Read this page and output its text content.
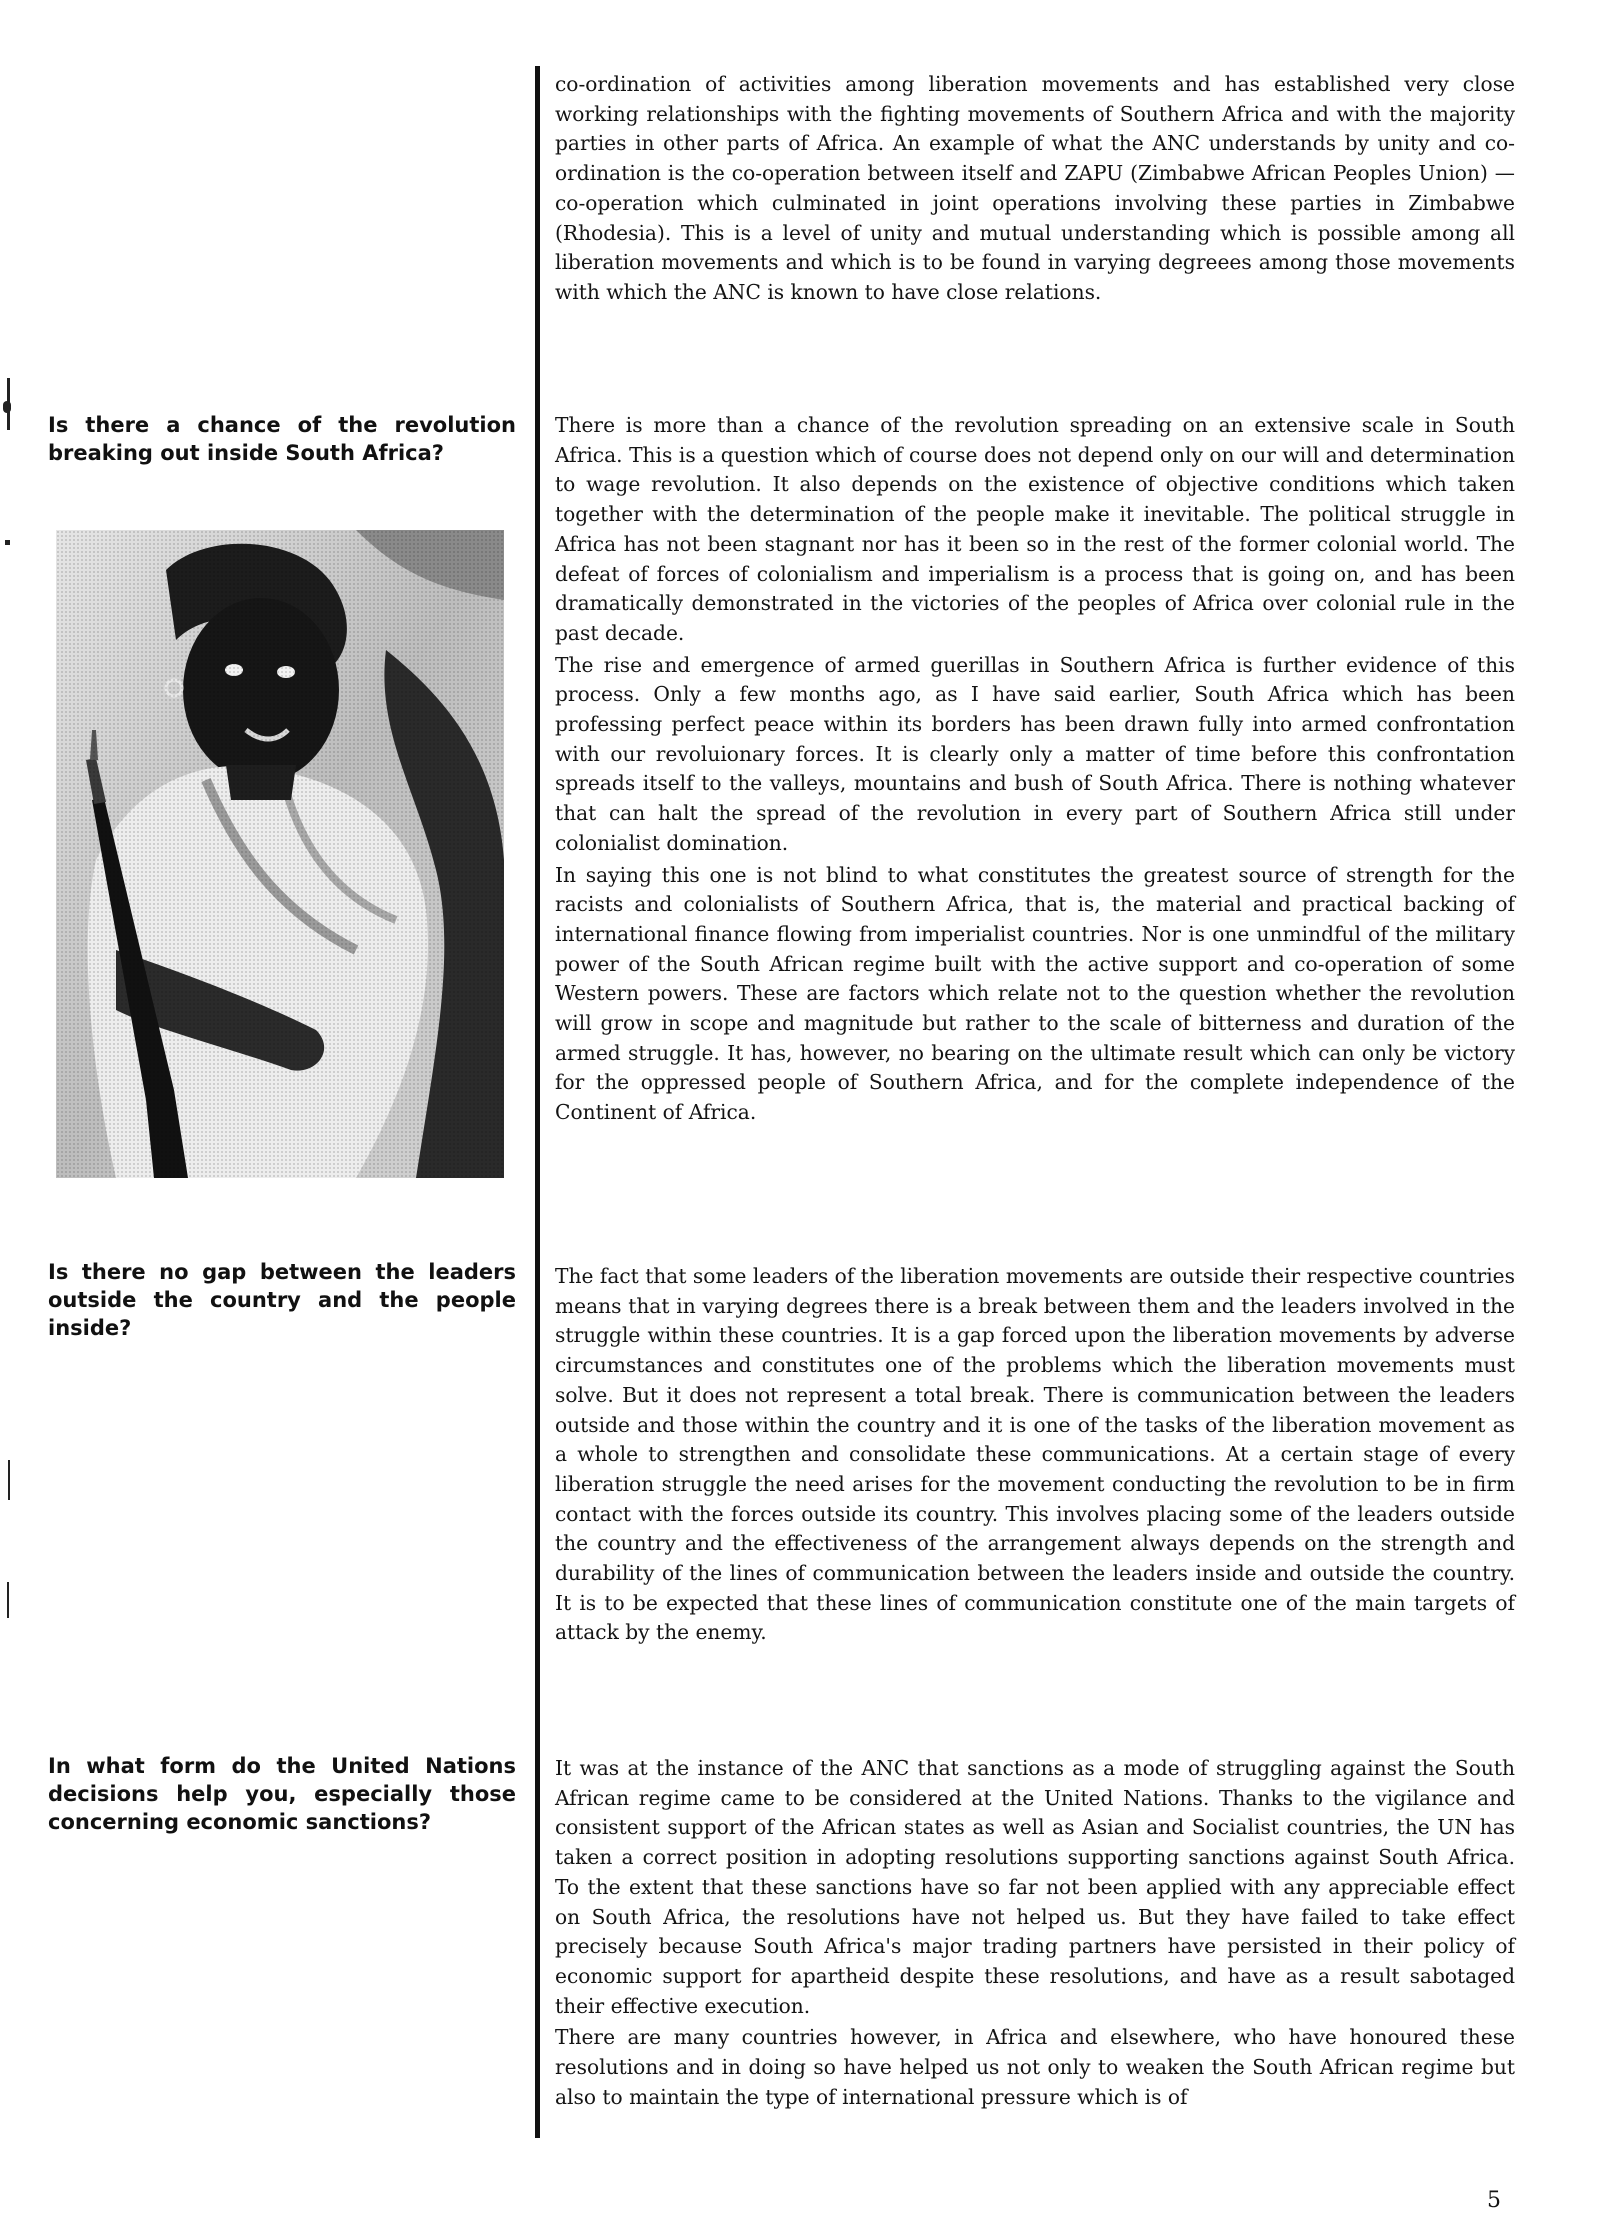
co-ordination of activities among liberation movements and has established very close working relationships with the fighting movements of Southern Africa and with the majority parties in other parts of Africa. An example of what the ANC understands by unity and co-ordination is the co-operation between itself and ZAPU (Zimbabwe African Peoples Union) — co-operation which culminated in joint operations involving these parties in Zimbabwe (Rhodesia). This is a level of unity and mutual understanding which is possible among all liberation movements and which is to be found in varying degreees among those movements with which the ANC is known to have close relations.

Is there a chance of the revolution breaking out inside South Africa?

There is more than a chance of the revolution spreading on an extensive scale in South Africa. This is a question which of course does not depend only on our will and determination to wage revolution. It also depends on the existence of objective conditions which taken together with the determination of the people make it inevitable. The political struggle in Africa has not been stagnant nor has it been so in the rest of the former colonial world. The defeat of forces of colonialism and imperialism is a process that is going on, and has been dramatically demonstrated in the victories of the peoples of Africa over colonial rule in the past decade.

The rise and emergence of armed guerillas in Southern Africa is further evidence of this process. Only a few months ago, as I have said earlier, South Africa which has been professing perfect peace within its borders has been drawn fully into armed confrontation with our revoluionary forces. It is clearly only a matter of time before this confrontation spreads itself to the valleys, mountains and bush of South Africa. There is nothing whatever that can halt the spread of the revolution in every part of Southern Africa still under colonialist domination.

In saying this one is not blind to what constitutes the greatest source of strength for the racists and colonialists of Southern Africa, that is, the material and practical backing of international finance flowing from imperialist countries. Nor is one unmindful of the military power of the South African regime built with the active support and co-operation of some Western powers. These are factors which relate not to the question whether the revolution will grow in scope and magnitude but rather to the scale of bitterness and duration of the armed struggle. It has, however, no bearing on the ultimate result which can only be victory for the oppressed people of Southern Africa, and for the complete independence of the Continent of Africa.

Is there no gap between the leaders outside the country and the people inside?

The fact that some leaders of the liberation movements are outside their respective countries means that in varying degrees there is a break between them and the leaders involved in the struggle within these countries. It is a gap forced upon the liberation movements by adverse circumstances and constitutes one of the problems which the liberation movements must solve. But it does not represent a total break. There is communication between the leaders outside and those within the country and it is one of the tasks of the liberation movement as a whole to strengthen and consolidate these communications. At a certain stage of every liberation struggle the need arises for the movement conducting the revolution to be in firm contact with the forces outside its country. This involves placing some of the leaders outside the country and the effectiveness of the arrangement always depends on the strength and durability of the lines of communication between the leaders inside and outside the country. It is to be expected that these lines of communication constitute one of the main targets of attack by the enemy.

In what form do the United Nations decisions help you, especially those concerning economic sanctions?

It was at the instance of the ANC that sanctions as a mode of struggling against the South African regime came to be considered at the United Nations. Thanks to the vigilance and consistent support of the African states as well as Asian and Socialist countries, the UN has taken a correct position in adopting resolutions supporting sanctions against South Africa. To the extent that these sanctions have so far not been applied with any appreciable effect on South Africa, the resolutions have not helped us. But they have failed to take effect precisely because South Africa's major trading partners have persisted in their policy of economic support for apartheid despite these resolutions, and have as a result sabotaged their effective execution.

There are many countries however, in Africa and elsewhere, who have honoured these resolutions and in doing so have helped us not only to weaken the South African regime but also to maintain the type of international pressure which is of

5
